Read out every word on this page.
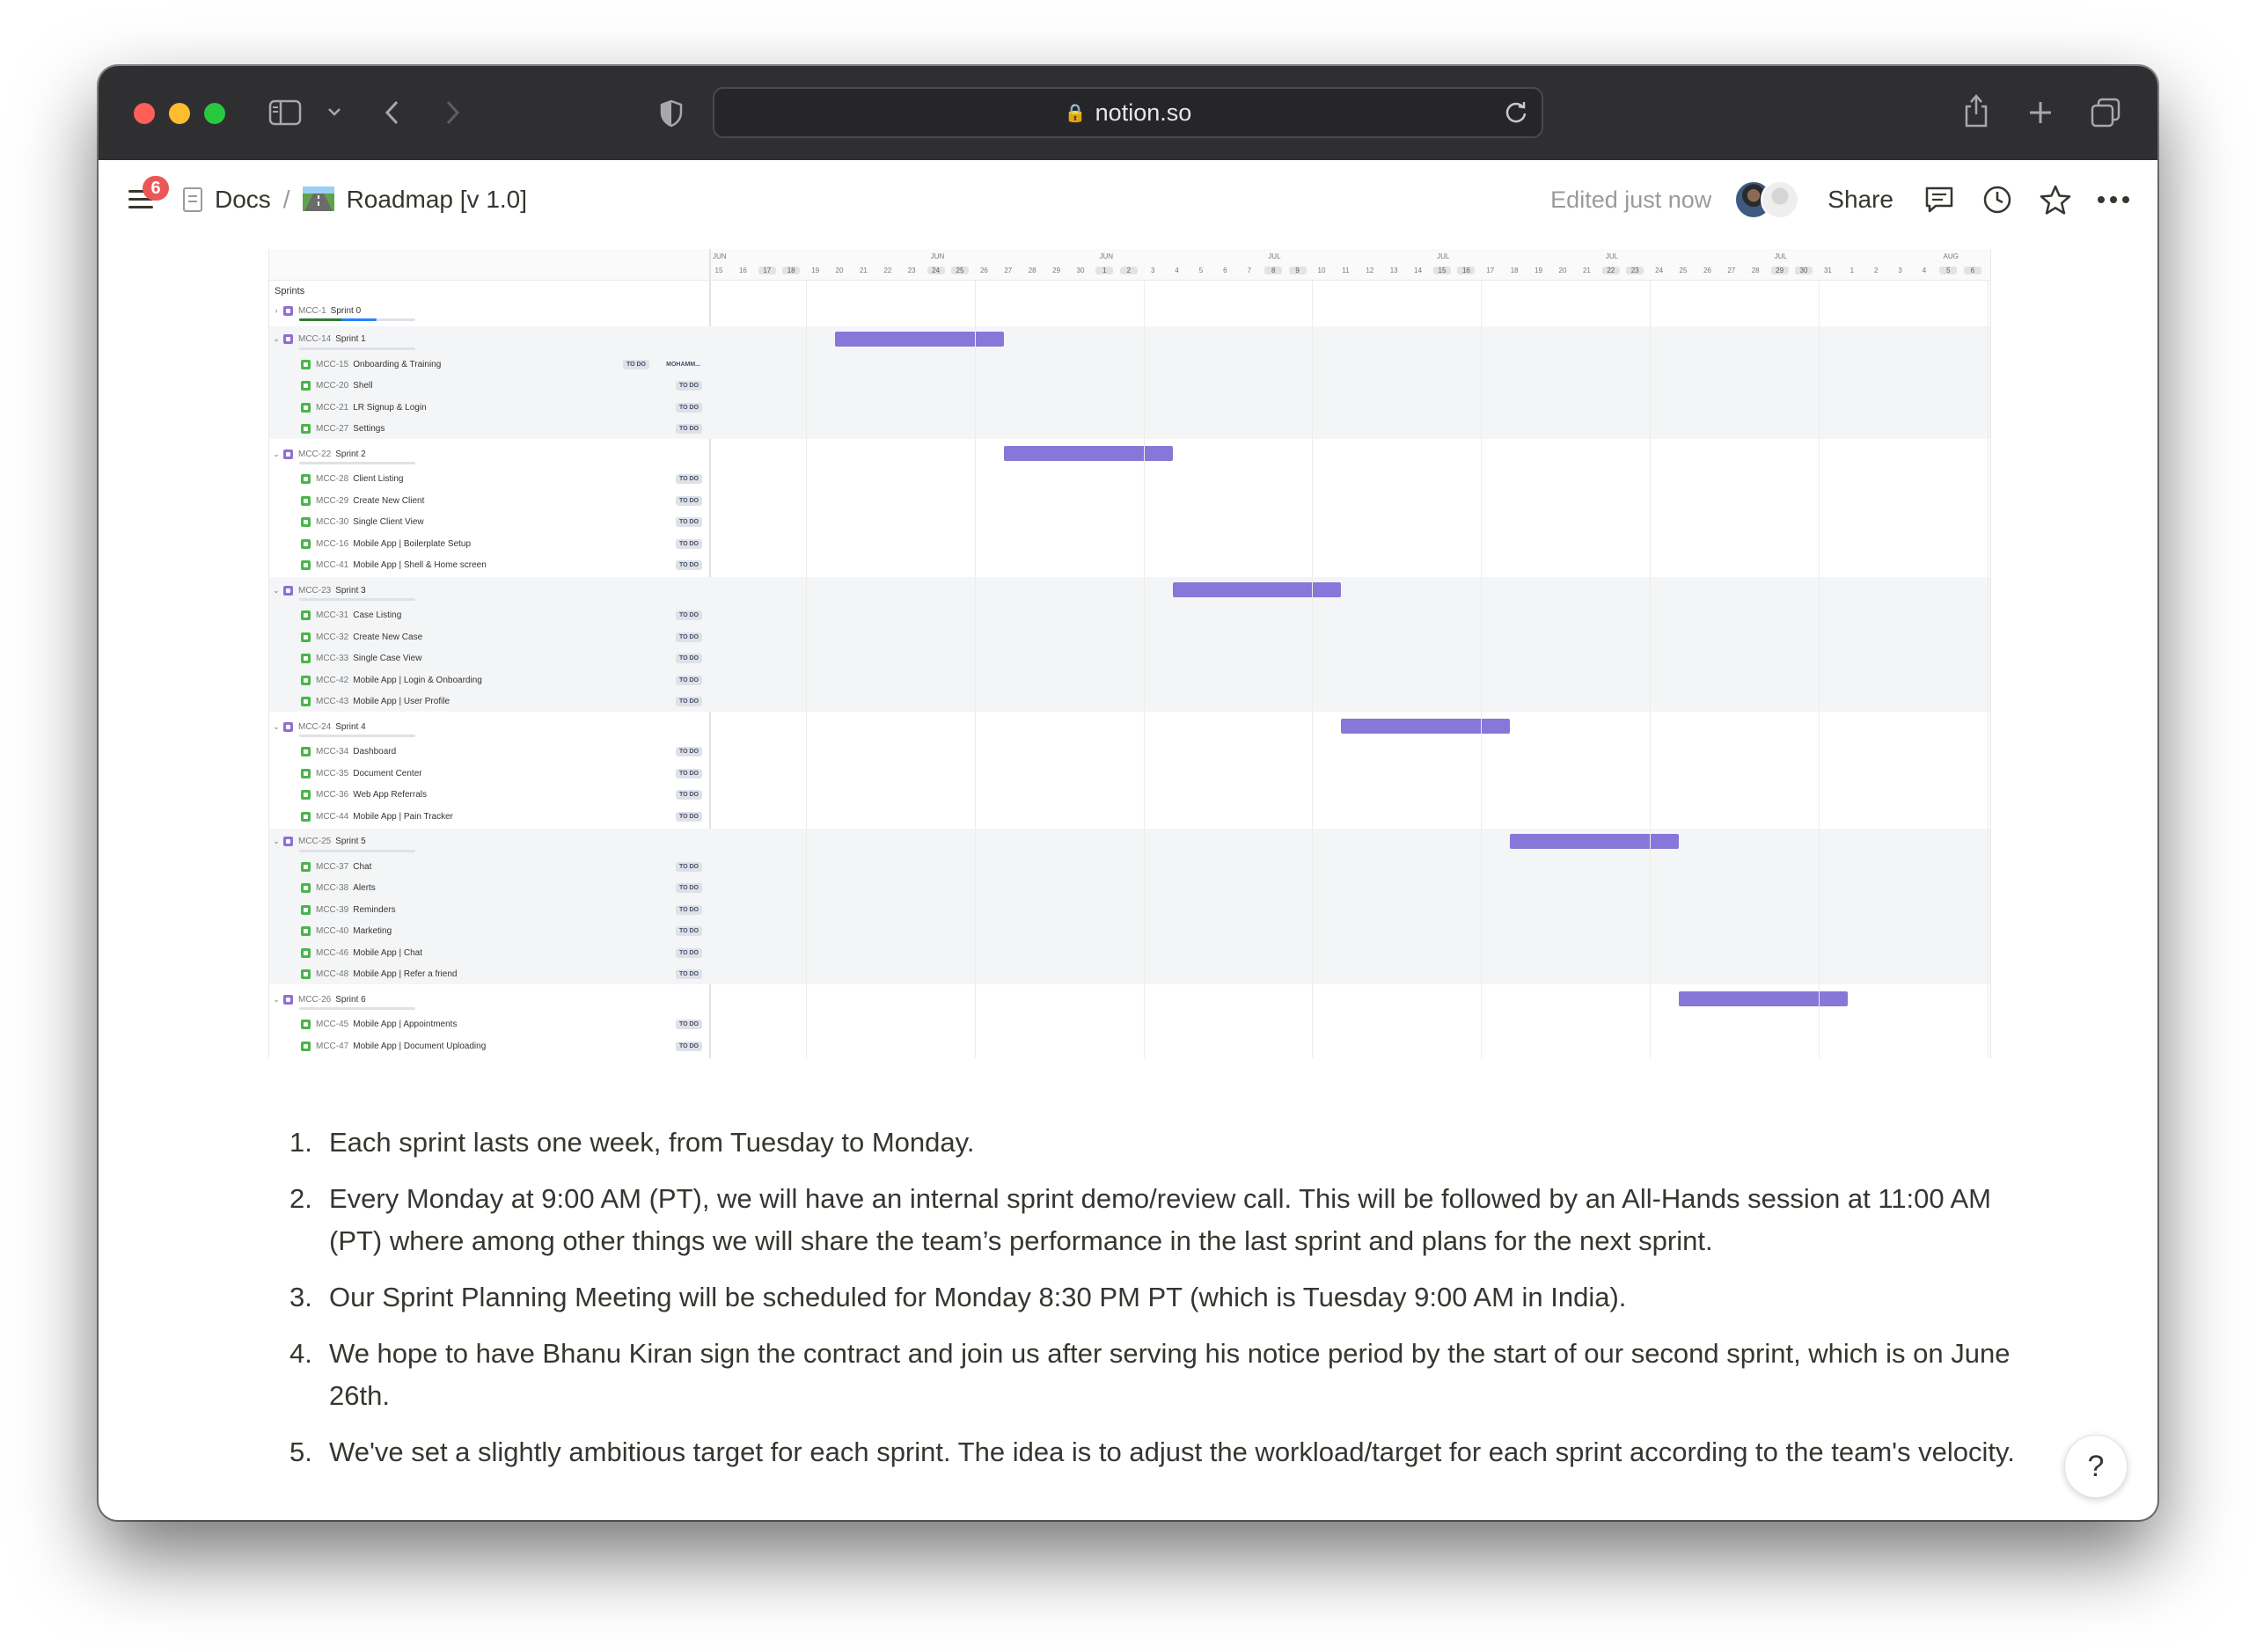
🔒 notion.so
6	Docs / Roadmap [v 1.0]	Edited just now	Share
15	16	17	18	19	20	21	22	23	24	25	26	27	28	29	30	1	2	3	4	5	6	7	8	9	10	11	12	13	14	15	16	17	18	19	20	21	22	23	24	25	26	27	28	29	30	31	1	2	3	4	5	6
JUN	JUN	JUN	JUL	JUL	JUL	JUL	AUG
Sprints
›	MCC-1 Sprint 0
⌄ MCC-14 Sprint 1
MCC-15 Onboarding & Training	TO DO	MOHAMM...
MCC-20 Shell	TO DO
MCC-21 LR Signup & Login	TO DO
MCC-27 Settings	TO DO
⌄ MCC-22 Sprint 2
MCC-28 Client Listing	TO DO
MCC-29 Create New Client	TO DO
MCC-30 Single Client View	TO DO
MCC-16 Mobile App | Boilerplate Setup	TO DO
MCC-41 Mobile App | Shell & Home screen	TO DO
⌄ MCC-23 Sprint 3
MCC-31 Case Listing	TO DO
MCC-32 Create New Case	TO DO
MCC-33 Single Case View	TO DO
MCC-42 Mobile App | Login & Onboarding	TO DO
MCC-43 Mobile App | User Profile	TO DO
⌄ MCC-24 Sprint 4
MCC-34 Dashboard	TO DO
MCC-35 Document Center	TO DO
MCC-36 Web App Referrals	TO DO
MCC-44 Mobile App | Pain Tracker	TO DO
⌄ MCC-25 Sprint 5
MCC-37 Chat	TO DO
MCC-38 Alerts	TO DO
MCC-39 Reminders	TO DO
MCC-40 Marketing	TO DO
MCC-46 Mobile App | Chat	TO DO
MCC-48 Mobile App | Refer a friend	TO DO
⌄ MCC-26 Sprint 6
MCC-45 Mobile App | Appointments	TO DO
MCC-47 Mobile App | Document Uploading	TO DO
1. Each sprint lasts one week, from Tuesday to Monday.
2. Every Monday at 9:00 AM (PT), we will have an internal sprint demo/review call. This will be followed by an All-Hands session at 11:00 AM (PT) where among other things we will share the team’s performance in the last sprint and plans for the next sprint.
3. Our Sprint Planning Meeting will be scheduled for Monday 8:30 PM PT (which is Tuesday 9:00 AM in India).
4. We hope to have Bhanu Kiran sign the contract and join us after serving his notice period by the start of our second sprint, which is on June 26th.
5. We've set a slightly ambitious target for each sprint. The idea is to adjust the workload/target for each sprint according to the team's velocity.	?
